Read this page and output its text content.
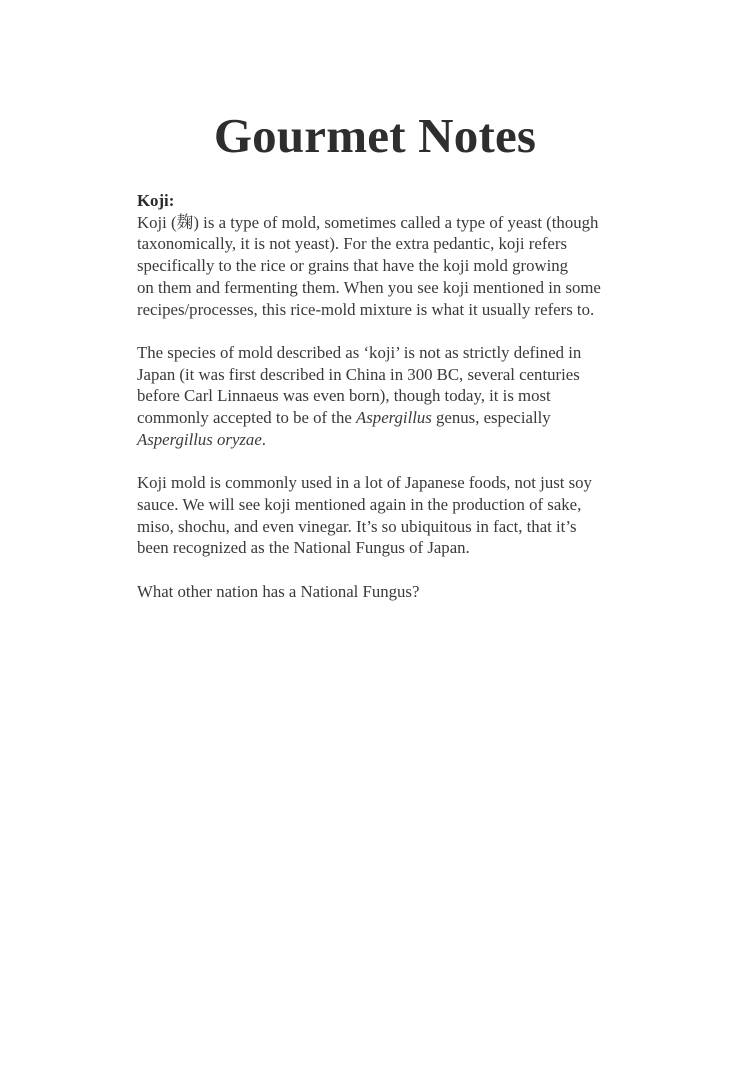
Gourmet Notes
Koji:

Koji (麹) is a type of mold, sometimes called a type of yeast (though
taxonomically, it is not yeast). For the extra pedantic, koji refers
specifically to the rice or grains that have the koji mold growing
on them and fermenting them. When you see koji mentioned in some
recipes/processes, this rice-mold mixture is what it usually refers to.

The species of mold described as ‘koji’ is not as strictly defined in
Japan (it was first described in China in 300 BC, several centuries
before Carl Linnaeus was even born), though today, it is most
commonly accepted to be of the Aspergillus genus, especially
Aspergillus oryzae.

Koji mold is commonly used in a lot of Japanese foods, not just soy
sauce. We will see koji mentioned again in the production of sake,
miso, shochu, and even vinegar. It’s so ubiquitous in fact, that it’s
been recognized as the National Fungus of Japan.

What other nation has a National Fungus?
